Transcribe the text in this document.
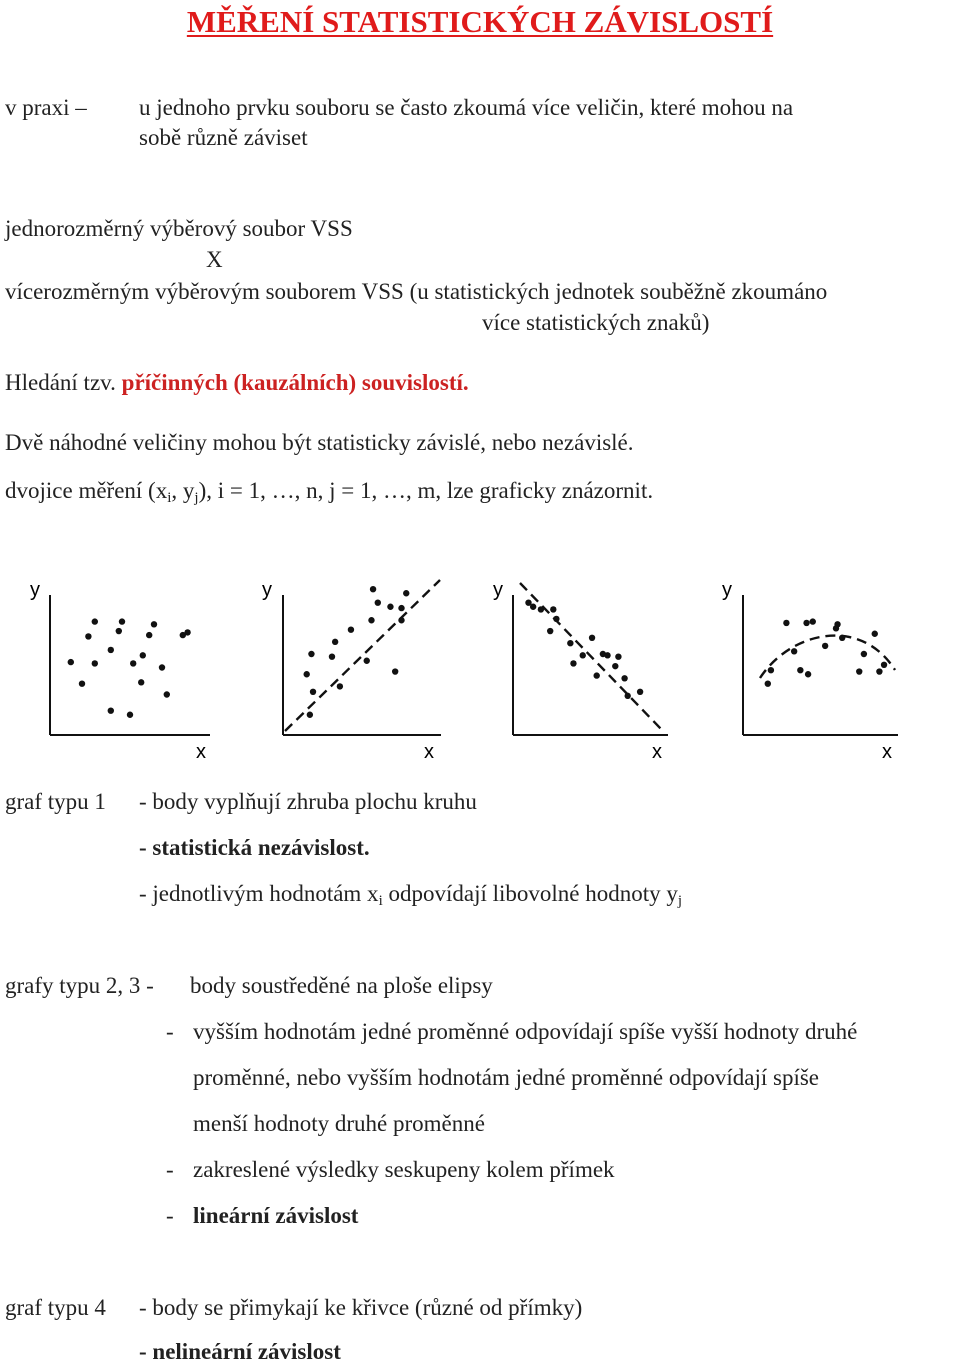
MĚŘENÍ STATISTICKÝCH ZÁVISLOSTÍ
v praxi – u jednoho prvku souboru se často zkoumá více veličin, které mohou na
sobě různě záviset
jednorozměrný výběrový soubor VSS
X
vícerozměrným výběrovým souborem VSS (u statistických jednotek souběžně zkoumáno
více statistických znaků)
Hledání tzv. příčinných (kauzálních) souvislostí.
Dvě náhodné veličiny mohou být statisticky závislé, nebo nezávislé.
dvojice měření ($x_i$, $y_j$), i = 1, …, n, j = 1, …, m, lze graficky znázornit.
y
x
y
x
y
x
y
x
graf typu 1 - body vyplňují zhruba plochu kruhu
- statistická nezávislost.
- jednotlivým hodnotám $x_i$ odpovídají libovolné hodnoty $y_j$
grafy typu 2, 3 - body soustředěné na ploše elipsy
- vyšším hodnotám jedné proměnné odpovídají spíše vyšší hodnoty druhé
proměnné, nebo vyšším hodnotám jedné proměnné odpovídají spíše
menší hodnoty druhé proměnné
- zakreslené výsledky seskupeny kolem přímek
- lineární závislost
graf typu 4 - body se přimykají ke křivce (různé od přímky)
- nelineární závislost
